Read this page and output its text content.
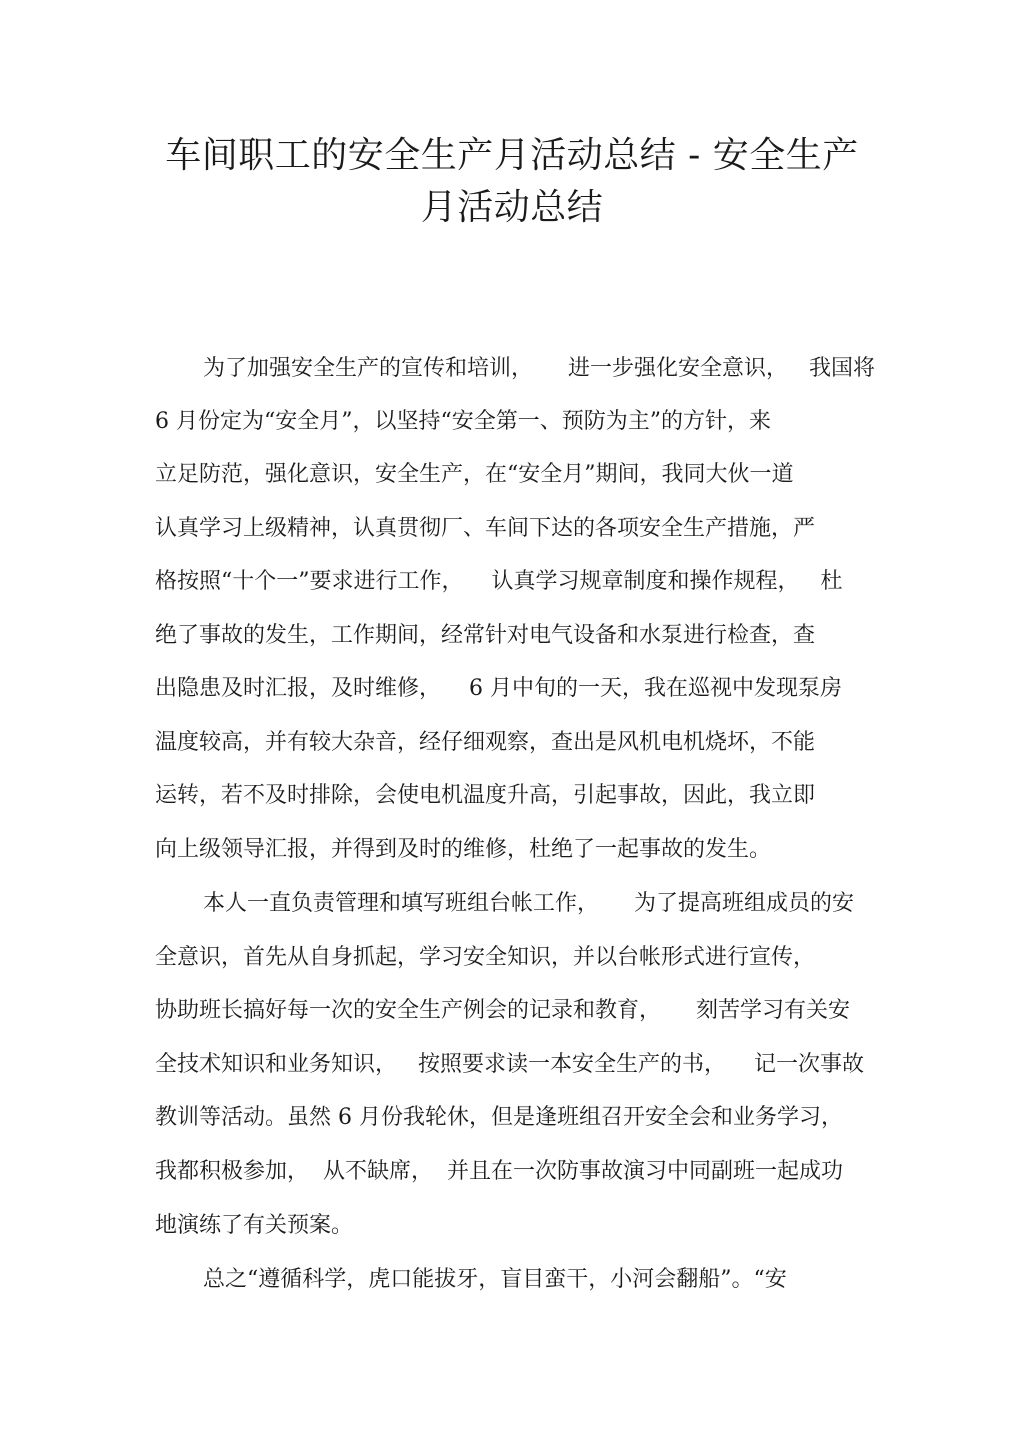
车间职工的安全生产月活动总结 - 安全生产
月活动总结
为了加强安全生产的宣传和培训，     进一步强化安全意识，   我国将
6 月份定为“安全月”，以坚持“安全第一、预防为主”的方针，来
立足防范，强化意识，安全生产，在“安全月”期间，我同大伙一道
认真学习上级精神，认真贯彻厂、车间下达的各项安全生产措施，严
格按照“十个一”要求进行工作，    认真学习规章制度和操作规程，   杜
绝了事故的发生，工作期间，经常针对电气设备和水泵进行检查，查
出隐患及时汇报，及时维修，    6 月中旬的一天，我在巡视中发现泵房
温度较高，并有较大杂音，经仔细观察，查出是风机电机烧坏，不能
运转，若不及时排除，会使电机温度升高，引起事故，因此，我立即
向上级领导汇报，并得到及时的维修，杜绝了一起事故的发生。
本人一直负责管理和填写班组台帐工作，     为了提高班组成员的安
全意识，首先从自身抓起，学习安全知识，并以台帐形式进行宣传，
协助班长搞好每一次的安全生产例会的记录和教育，     刻苦学习有关安
全技术知识和业务知识，   按照要求读一本安全生产的书，    记一次事故
教训等活动。虽然 6 月份我轮休，但是逢班组召开安全会和业务学习，
我都积极参加，  从不缺席，  并且在一次防事故演习中同副班一起成功
地演练了有关预案。
总之“遵循科学，虎口能拔牙，盲目蛮干，小河会翻船”。“安
